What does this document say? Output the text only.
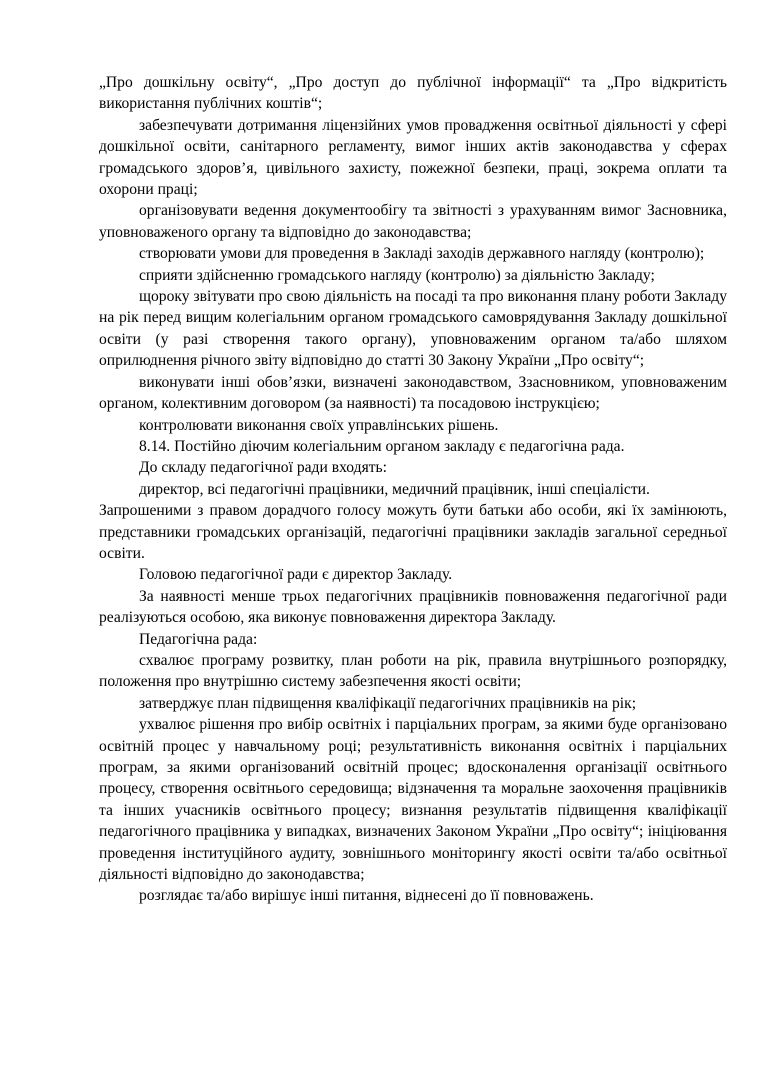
„Про дошкільну освіту“, „Про доступ до публічної інформації“ та „Про відкритість використання публічних коштів“;

забезпечувати дотримання ліцензійних умов провадження освітньої діяльності у сфері дошкільної освіти, санітарного регламенту, вимог інших актів законодавства у сферах громадського здоров’я, цивільного захисту, пожежної безпеки, праці, зокрема оплати та охорони праці;

організовувати ведення документообігу та звітності з урахуванням вимог Засновника, уповноваженого органу та відповідно до законодавства;

створювати умови для проведення в Закладі заходів державного нагляду (контролю);

сприяти здійсненню громадського нагляду (контролю) за діяльністю Закладу;

щороку звітувати про свою діяльність на посаді та про виконання плану роботи Закладу на рік перед вищим колегіальним органом громадського самоврядування Закладу дошкільної освіти (у разі створення такого органу), уповноваженим органом та/або шляхом оприлюднення річного звіту відповідно до статті 30 Закону України „Про освіту“;

виконувати інші обов’язки, визначені законодавством, Ззасновником, уповноваженим органом, колективним договором (за наявності) та посадовою інструкцією;

контролювати виконання своїх управлінських рішень.

8.14. Постійно діючим колегіальним органом закладу є педагогічна рада.

До складу педагогічної ради входять:

директор, всі педагогічні працівники, медичний працівник, інші спеціалісти.

Запрошеними з правом дорадчого голосу можуть бути батьки або особи, які їх замінюють, представники громадських організацій, педагогічні працівники закладів загальної середньої освіти.

Головою педагогічної ради є директор Закладу.

За наявності менше трьох педагогічних працівників повноваження педагогічної ради реалізуються особою, яка виконує повноваження директора Закладу.

Педагогічна рада:

схвалює програму розвитку, план роботи на рік, правила внутрішнього розпорядку, положення про внутрішню систему забезпечення якості освіти;

затверджує план підвищення кваліфікації педагогічних працівників на рік;

ухвалює рішення про вибір освітніх і парціальних програм, за якими буде організовано освітній процес у навчальному році; результативність виконання освітніх і парціальних програм, за якими організований освітній процес; вдосконалення організації освітнього процесу, створення освітнього середовища; відзначення та моральне заохочення працівників та інших учасників освітнього процесу; визнання результатів підвищення кваліфікації педагогічного працівника у випадках, визначених Законом України „Про освіту“; ініціювання проведення інституційного аудиту, зовнішнього моніторингу якості освіти та/або освітньої діяльності відповідно до законодавства;

розглядає та/або вирішує інші питання, віднесені до її повноважень.
